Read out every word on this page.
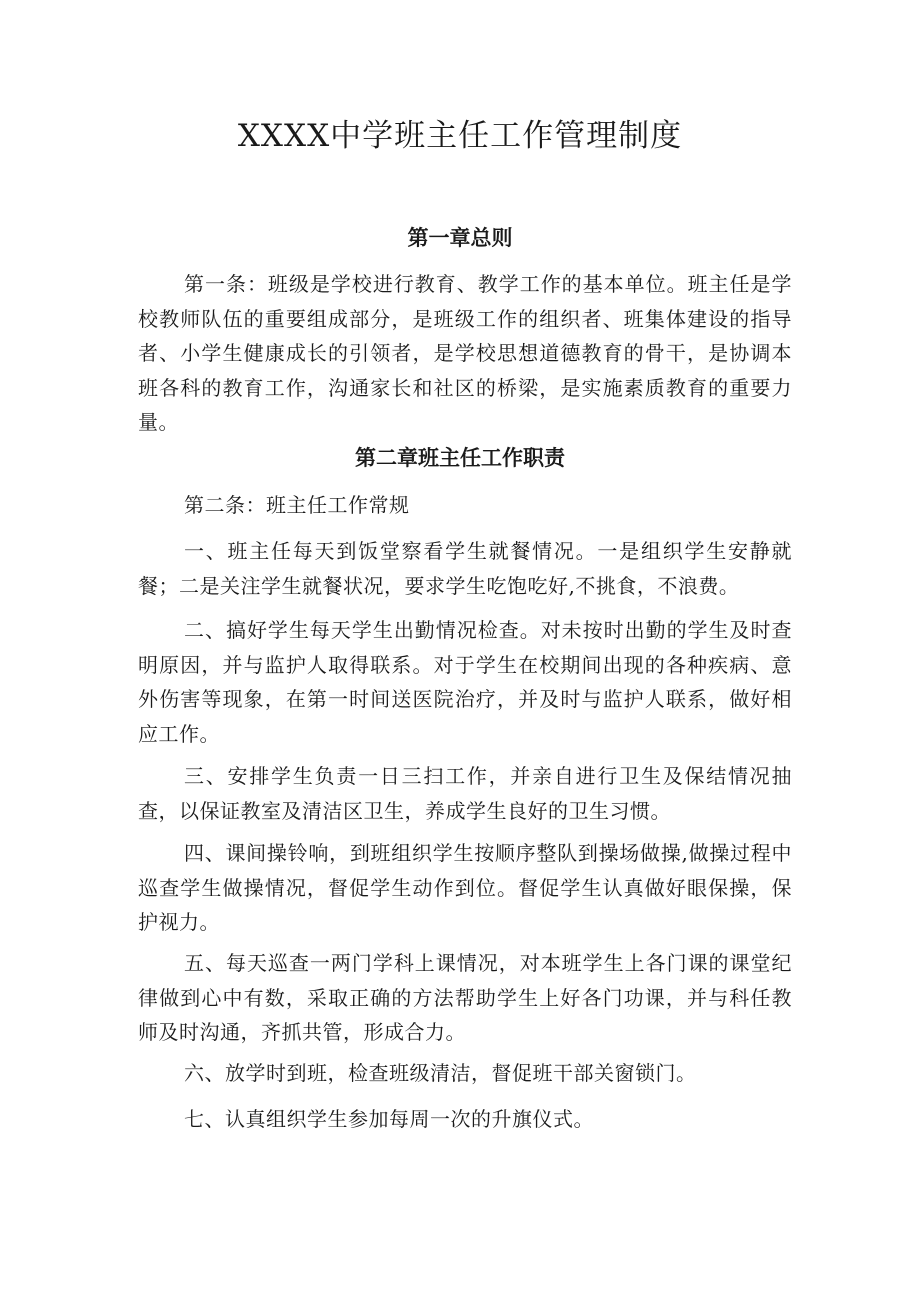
XXXX中学班主任工作管理制度
第一章总则

第一条：班级是学校进行教育、教学工作的基本单位。班主任是学校教师队伍的重要组成部分，是班级工作的组织者、班集体建设的指导者、小学生健康成长的引领者，是学校思想道德教育的骨干，是协调本班各科的教育工作，沟通家长和社区的桥梁，是实施素质教育的重要力量。

第二章班主任工作职责

第二条：班主任工作常规

一、班主任每天到饭堂察看学生就餐情况。一是组织学生安静就餐；二是关注学生就餐状况，要求学生吃饱吃好,不挑食，不浪费。

二、搞好学生每天学生出勤情况检查。对未按时出勤的学生及时查明原因，并与监护人取得联系。对于学生在校期间出现的各种疾病、意外伤害等现象，在第一时间送医院治疗，并及时与监护人联系，做好相应工作。

三、安排学生负责一日三扫工作，并亲自进行卫生及保结情况抽查，以保证教室及清洁区卫生，养成学生良好的卫生习惯。

四、课间操铃响，到班组织学生按顺序整队到操场做操,做操过程中巡查学生做操情况，督促学生动作到位。督促学生认真做好眼保操，保护视力。

五、每天巡查一两门学科上课情况，对本班学生上各门课的课堂纪律做到心中有数，采取正确的方法帮助学生上好各门功课，并与科任教师及时沟通，齐抓共管，形成合力。

六、放学时到班，检查班级清洁，督促班干部关窗锁门。

七、认真组织学生参加每周一次的升旗仪式。
